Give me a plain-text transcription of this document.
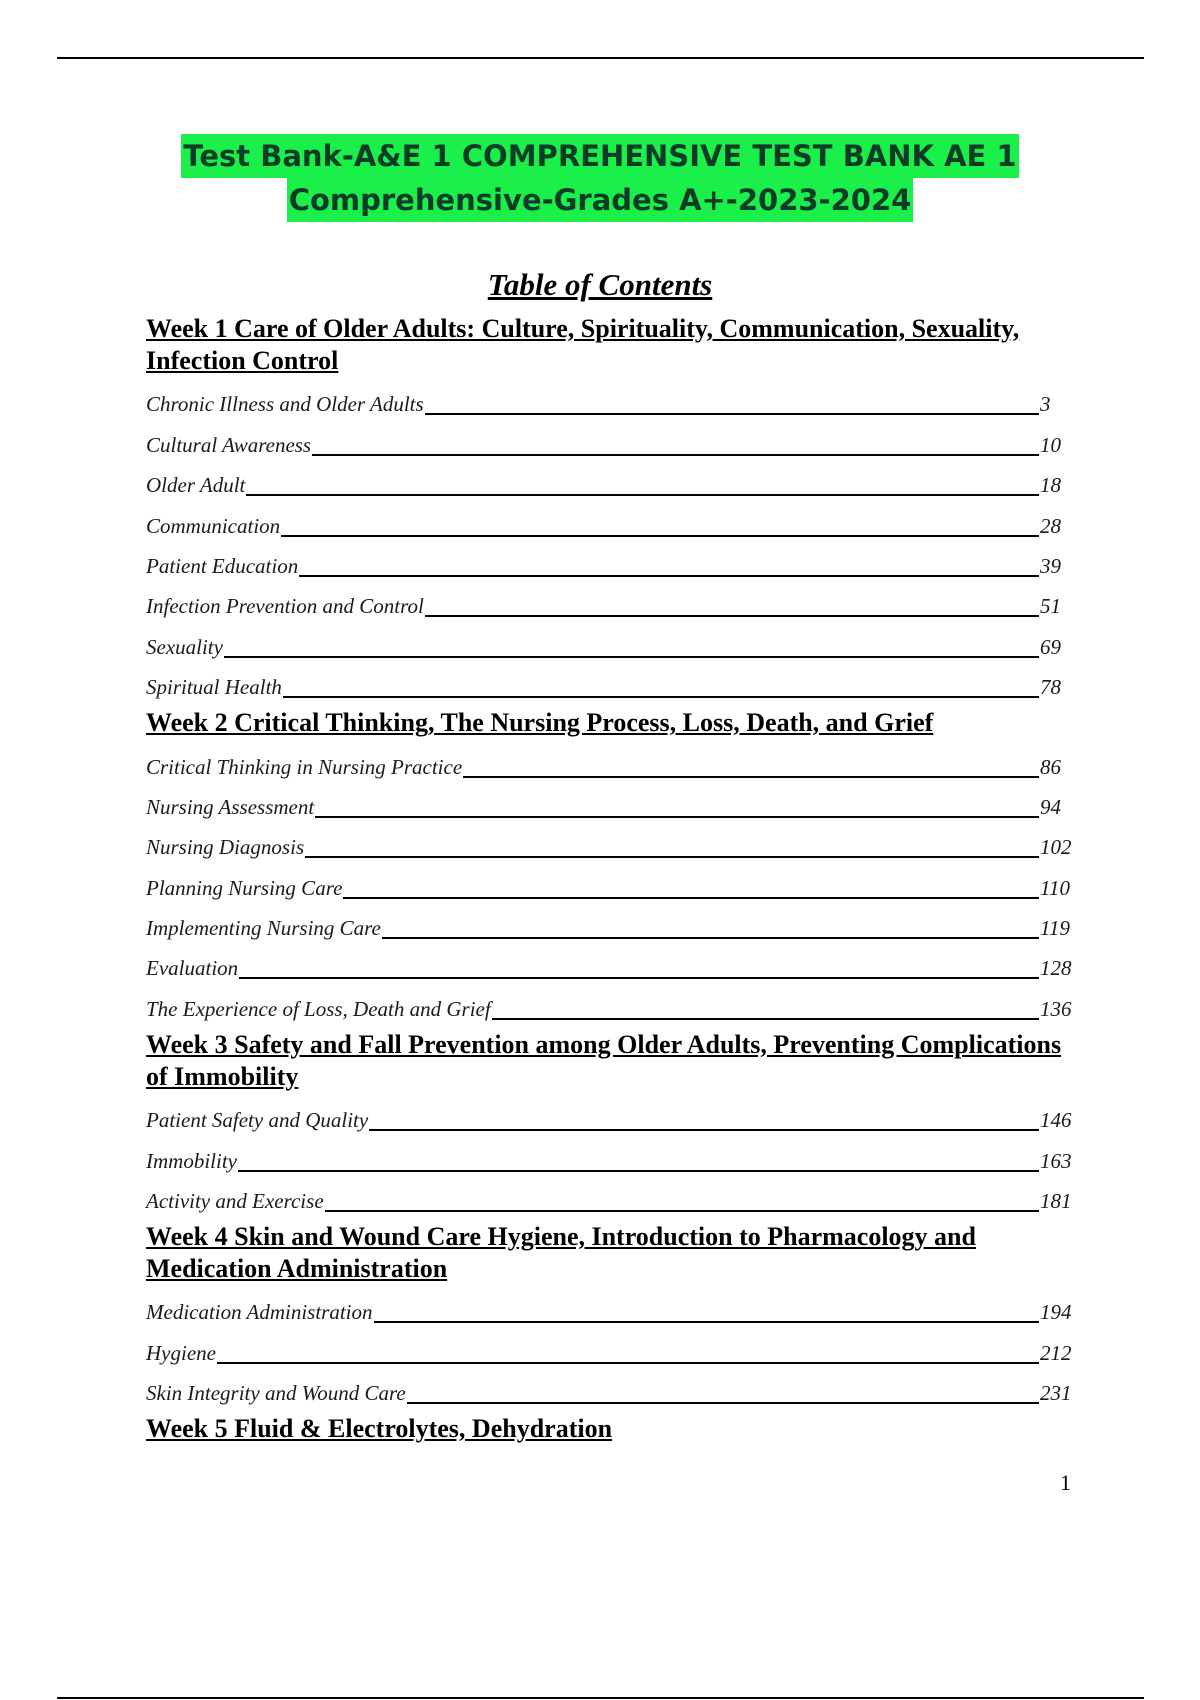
Test Bank-A&E 1 COMPREHENSIVE TEST BANK AE 1
Comprehensive-Grades A+-2023-2024
Table of Contents
Week 1 Care of Older Adults: Culture, Spirituality, Communication, Sexuality, Infection Control
Chronic Illness and Older Adults	3
Cultural Awareness	10
Older Adult	18
Communication	28
Patient Education	39
Infection Prevention and Control	51
Sexuality	69
Spiritual Health	78
Week 2 Critical Thinking, The Nursing Process, Loss, Death, and Grief
Critical Thinking in Nursing Practice	86
Nursing Assessment	94
Nursing Diagnosis	102
Planning Nursing Care	110
Implementing Nursing Care	119
Evaluation	128
The Experience of Loss, Death and Grief	136
Week 3 Safety and Fall Prevention among Older Adults, Preventing Complications of Immobility
Patient Safety and Quality	146
Immobility	163
Activity and Exercise	181
Week 4 Skin and Wound Care Hygiene, Introduction to Pharmacology and Medication Administration
Medication Administration	194
Hygiene	212
Skin Integrity and Wound Care	231
Week 5 Fluid & Electrolytes, Dehydration
1
